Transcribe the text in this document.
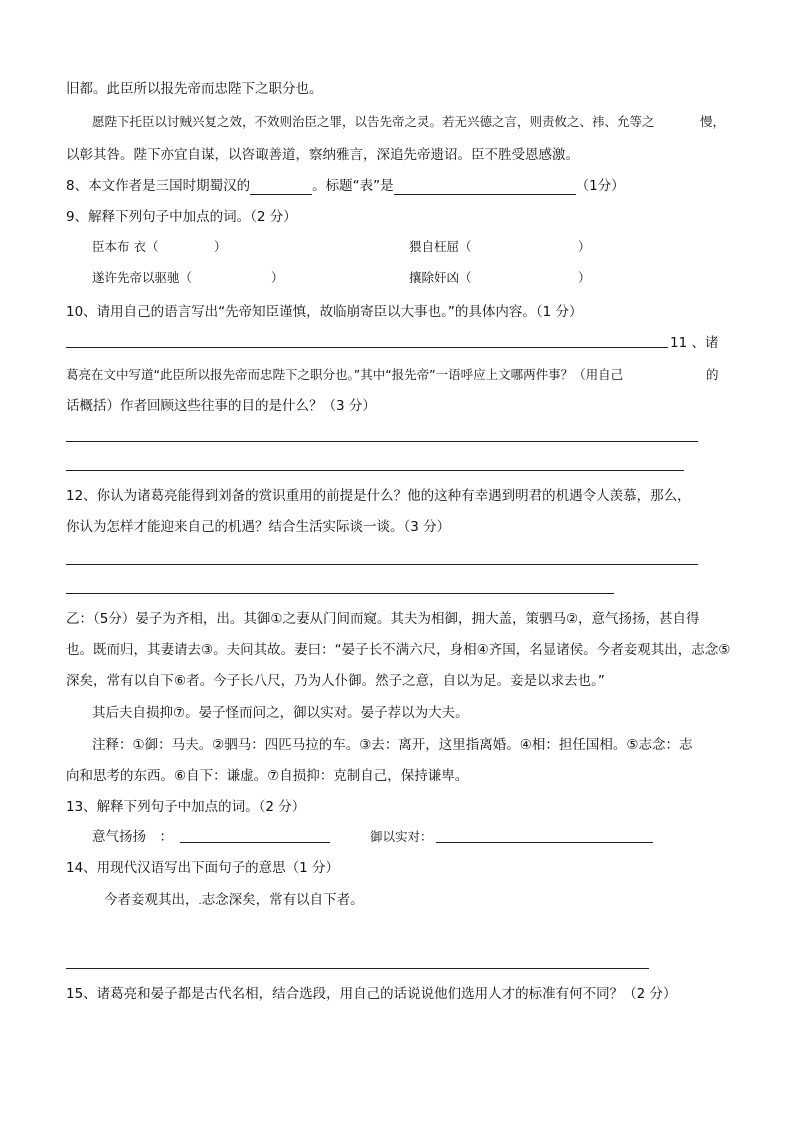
旧都。此臣所以报先帝而忠陛下之职分也。
愿陛下托臣以讨贼兴复之效，不效则治臣之罪，以告先帝之灵。若无兴德之言，则责攸之、祎、允等之	慢，
以彰其咎。陛下亦宜自谋，以咨诹善道，察纳雅言，深追先帝遗诏。臣不胜受恩感激。
8、本文作者是三国时期蜀汉的	。标题“表”是	（1分）
9、解释下列句子中加点的词。（2 分）
臣本布 衣（	）	猥自枉屈（	）
遂许先帝以驱驰（	）	攘除奸凶（	）
10、请用自己的语言写出“先帝知臣谨慎，故临崩寄臣以大事也。”的具体内容。（1 分）
11 、诸
葛亮在文中写道“此臣所以报先帝而忠陛下之职分也。”其中“报先帝”一语呼应上文哪两件事？（用自己	的
话概括）作者回顾这些往事的目的是什么？（3 分）
12、你认为诸葛亮能得到刘备的赏识重用的前提是什么？他的这种有幸遇到明君的机遇令人羡慕，那么，
你认为怎样才能迎来自己的机遇？结合生活实际谈一谈。（3 分）
乙：（5分）晏子为齐相，出。其御①之妻从门间而窥。其夫为相御，拥大盖，策驷马②，意气扬扬，甚自得
也。既而归，其妻请去③。夫问其故。妻曰：“晏子长不满六尺，身相④齐国，名显诸侯。今者妾观其出，志念⑤
深矣，常有以自下⑥者。今子长八尺，乃为人仆御。然子之意，自以为足。妾是以求去也。”
其后夫自损抑⑦。晏子怪而问之，御以实对。晏子荐以为大夫。
注释：①御：马夫。②驷马：四匹马拉的车。③去：离开，这里指离婚。④相：担任国相。⑤志念：志
向和思考的东西。⑥自下：谦虚。⑦自损抑：克制自己，保持谦卑。
13、解释下列句子中加点的词。（2 分）
意气扬扬　：	御以实对：
14、用现代汉语写出下面句子的意思（1 分）
今者妾观其出，.志念深矣，常有以自下者。
15、诸葛亮和晏子都是古代名相，结合选段，用自己的话说说他们选用人才的标准有何不同？（2 分）
